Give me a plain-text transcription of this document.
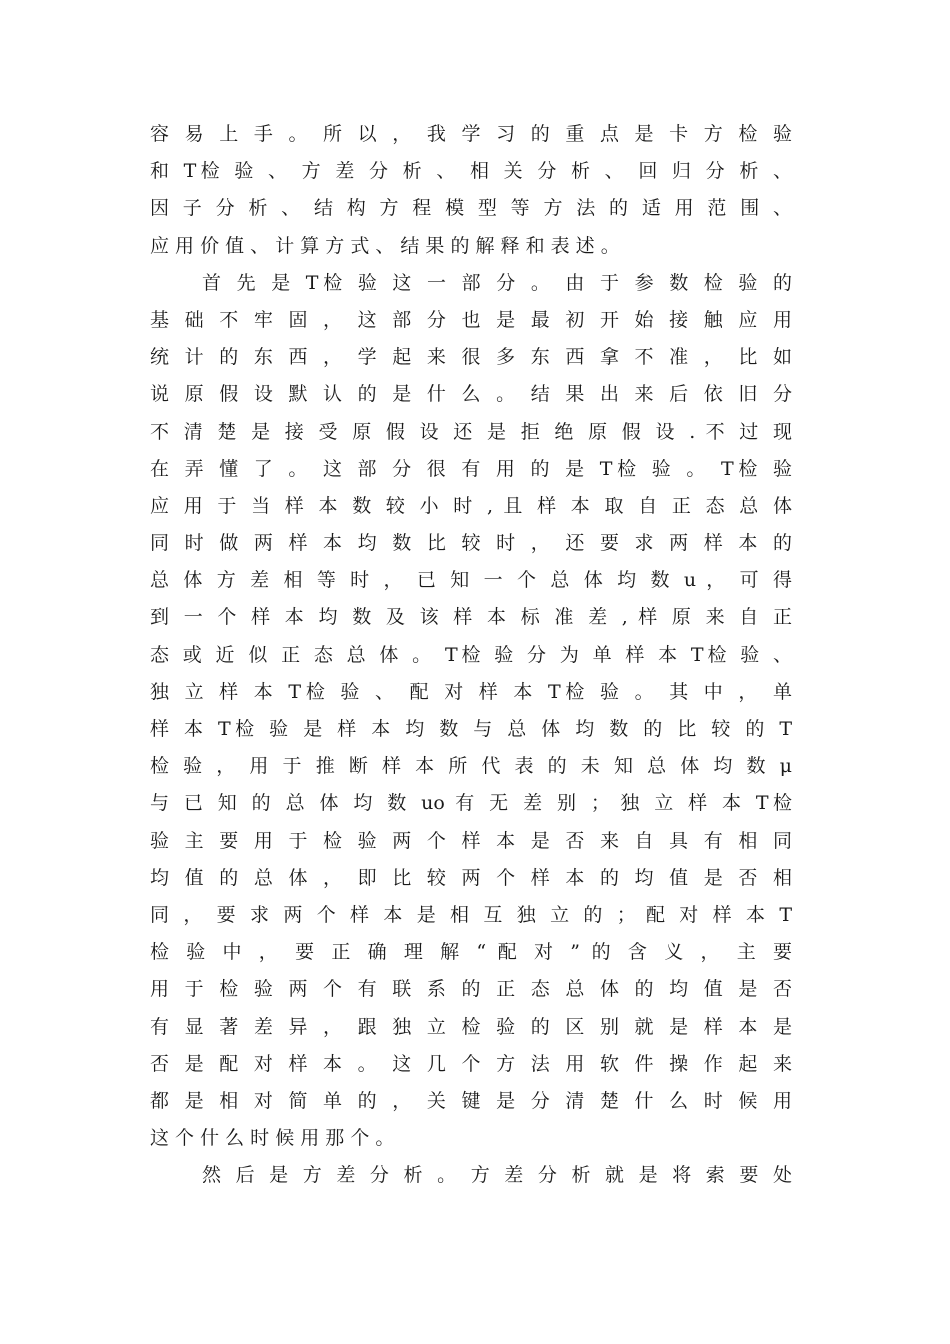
容 易 上 手 。 所 以 ， 我 学 习 的 重 点 是 卡 方 检 验
和 T检 验 、 方 差 分 析 、 相 关 分 析 、 回 归 分 析 、
因 子 分 析 、 结 构 方 程 模 型 等 方 法 的 适 用 范 围 、
应 用 价 值 、 计 算 方 式 、 结 果 的 解 释 和 表 述 。
首 先 是 T检 验 这 一 部 分 。 由 于 参 数 检 验 的
基 础 不 牢 固 ， 这 部 分 也 是 最 初 开 始 接 触 应 用
统 计 的 东 西 ， 学 起 来 很 多 东 西 拿 不 准 ， 比 如
说 原 假 设 默 认 的 是 什 么 。 结 果 出 来 后 依 旧 分
不 清 楚 是 接 受 原 假 设 还 是 拒 绝 原 假 设 . 不 过 现
在 弄 懂 了 。 这 部 分 很 有 用 的 是 T检 验 。 T检 验
应 用 于 当 样 本 数 较 小 时 , 且 样 本 取 自 正 态 总 体
同 时 做 两 样 本 均 数 比 较 时 ， 还 要 求 两 样 本 的
总 体 方 差 相 等 时 ， 已 知 一 个 总 体 均 数 u ， 可 得
到 一 个 样 本 均 数 及 该 样 本 标 准 差 , 样 原 来 自 正
态 或 近 似 正 态 总 体 。 T检 验 分 为 单 样 本 T检 验 、
独 立 样 本 T检 验 、 配 对 样 本 T检 验 。 其 中 ， 单
样 本 T检 验 是 样 本 均 数 与 总 体 均 数 的 比 较 的 T
检 验 ， 用 于 推 断 样 本 所 代 表 的 未 知 总 体 均 数 μ
与 已 知 的 总 体 均 数 uo 有 无 差 别 ； 独 立 样 本 T检
验 主 要 用 于 检 验 两 个 样 本 是 否 来 自 具 有 相 同
均 值 的 总 体 ， 即 比 较 两 个 样 本 的 均 值 是 否 相
同 ， 要 求 两 个 样 本 是 相 互 独 立 的 ； 配 对 样 本 T
检 验 中 ， 要 正 确 理 解 “ 配 对 ” 的 含 义 ， 主 要
用 于 检 验 两 个 有 联 系 的 正 态 总 体 的 均 值 是 否
有 显 著 差 异 ， 跟 独 立 检 验 的 区 别 就 是 样 本 是
否 是 配 对 样 本 。 这 几 个 方 法 用 软 件 操 作 起 来
都 是 相 对 简 单 的 ， 关 键 是 分 清 楚 什 么 时 候 用
这 个 什 么 时 候 用 那 个 。
然 后 是 方 差 分 析 。 方 差 分 析 就 是 将 索 要 处
